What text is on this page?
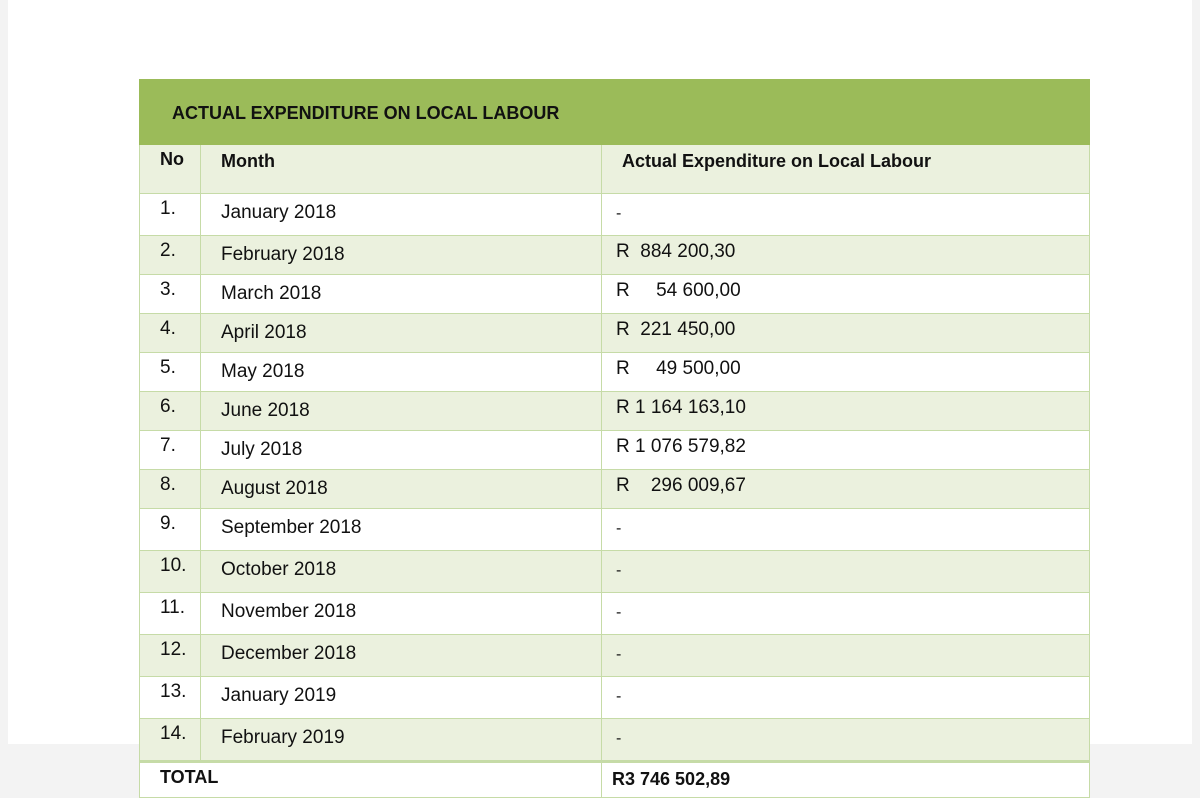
ACTUAL EXPENDITURE ON LOCAL LABOUR		
No	Month	Actual Expenditure on Local Labour
1.	January 2018	-
2.	February 2018	R  884 200,30
3.	March 2018	R     54 600,00
4.	April 2018	R  221 450,00
5.	May 2018	R     49 500,00
6.	June 2018	R 1 164 163,10
7.	July 2018	R 1 076 579,82
8.	August 2018	R    296 009,67
9.	September 2018	-
10.	October 2018	-
11.	November 2018	-
12.	December 2018	-
13.	January 2019	-
14.	February 2019	-
TOTAL		R3 746 502,89
